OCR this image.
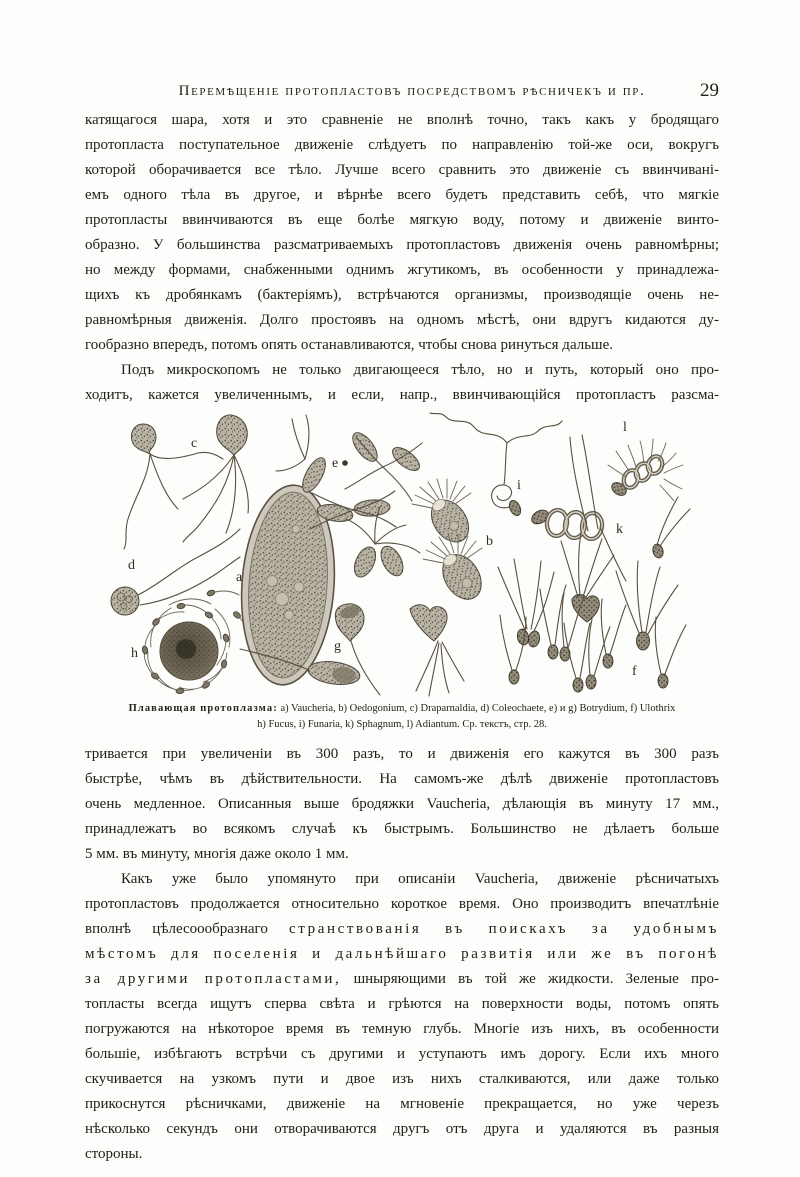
Перемѣщеніе протопластовъ посредствомъ рѣсничекъ и пр.	29
катящагося шара, хотя и это сравненіе не вполнѣ точно, такъ какъ у бродящаго
протопласта поступательное движеніе слѣдуетъ по направленію той-же оси, вокругъ
которой оборачивается все тѣло. Лучше всего сравнить это движеніе съ ввинчивані-
емъ одного тѣла въ другое, и вѣрнѣе всего будетъ представить себѣ, что мягкіе
протопласты ввинчиваются въ еще болѣе мягкую воду, потому и движеніе винто-
образно. У большинства разсматриваемыхъ протопластовъ движенія очень равномѣрны;
но между формами, снабженными однимъ жгутикомъ, въ особенности у принадлежа-
щихъ къ дробянкамъ (бактеріямъ), встрѣчаются организмы, производящіе очень не-
равномѣрныя движенія. Долго простоявъ на одномъ мѣстѣ, они вдругъ кидаются ду-
гообразно впередъ, потомъ опять останавливаются, чтобы снова ринуться дальше.
Подъ микроскопомъ не только двигающееся тѣло, но и путь, который оно про-
ходитъ, кажется увеличеннымъ, и если, напр., ввинчивающійся протопластъ разсма-
c
d
h
a
e
g
b
i
k
l
f
Плавающая протоплазма: a) Vaucheria, b) Oedogonium, c) Draparnaldia, d) Coleochaete, e) и g) Botrydium, f) Ulothrix
h) Fucus, i) Funaria, k) Sphagnum, l) Adiantum. Ср. текстъ, стр. 28.
тривается при увеличеніи въ 300 разъ, то и движенія его кажутся въ 300 разъ
быстрѣе, чѣмъ въ дѣйствительности. На самомъ-же дѣлѣ движеніе протопластовъ
очень медленное. Описанныя выше бродяжки Vaucheria, дѣлающія въ минуту 17 мм.,
принадлежатъ во всякомъ случаѣ къ быстрымъ. Большинство не дѣлаетъ больше
5 мм. въ минуту, многія даже около 1 мм.
Какъ уже было упомянуто при описаніи Vaucheria, движеніе рѣсничатыхъ
протопластовъ продолжается относительно короткое время. Оно производитъ впечатлѣніе
вполнѣ цѣлесоообразнаго странствованія въ поискахъ за удобнымъ
мѣстомъ для поселенія и дальнѣйшаго развитія или же въ погонѣ
за другими протопластами, шныряющими въ той же жидкости. Зеленые про-
топласты всегда ищутъ сперва свѣта и грѣются на поверхности воды, потомъ опять
погружаются на нѣкоторое время въ темную глубь. Многіе изъ нихъ, въ особенности
большіе, избѣгаютъ встрѣчи съ другими и уступаютъ имъ дорогу. Если ихъ много
скучивается на узкомъ пути и двое изъ нихъ сталкиваются, или даже только
прикоснутся рѣсничками, движеніе на мгновеніе прекращается, но уже черезъ
нѣсколько секундъ они отворачиваются другъ отъ друга и удаляются въ разныя
стороны.
